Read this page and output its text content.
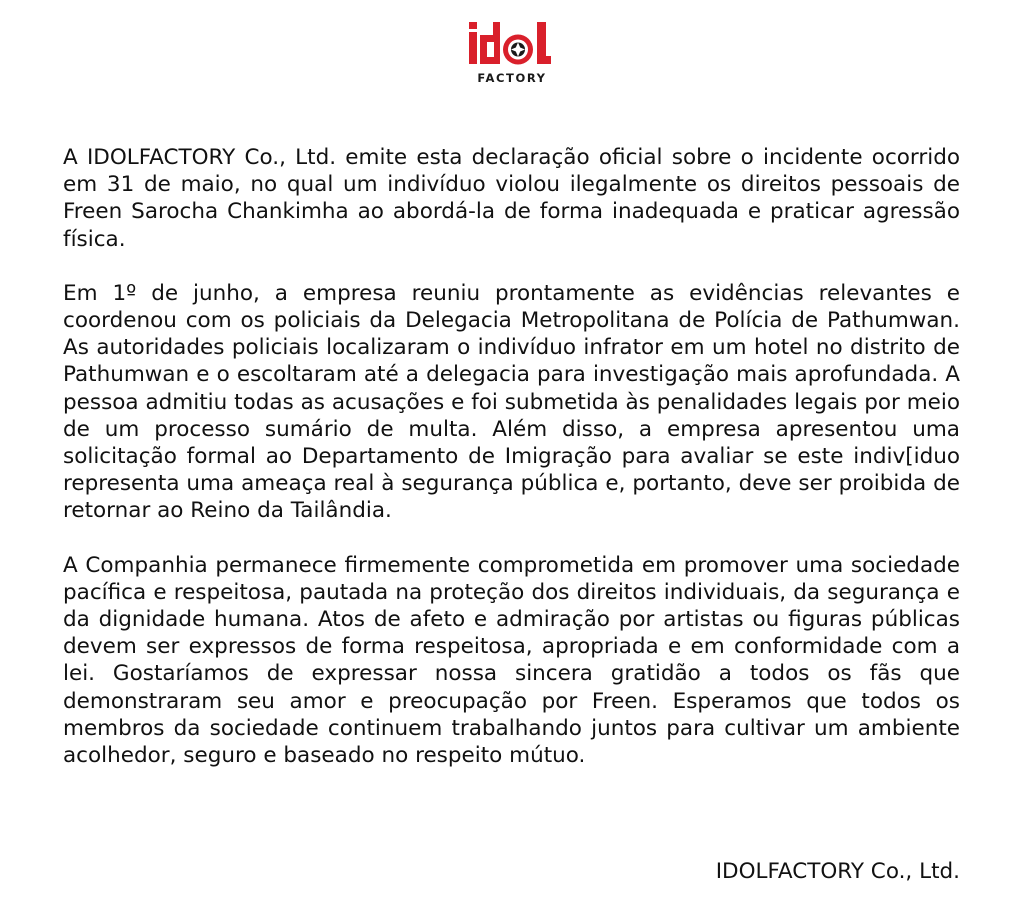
FACTORY

A IDOLFACTORY Co., Ltd. emite esta declaração oficial sobre o incidente ocorrido em 31 de maio, no qual um indivíduo violou ilegalmente os direitos pessoais de Freen Sarocha Chankimha ao abordá-la de forma inadequada e praticar agressão física.

Em 1º de junho, a empresa reuniu prontamente as evidências relevantes e coordenou com os policiais da Delegacia Metropolitana de Polícia de Pathumwan. As autoridades policiais localizaram o indivíduo infrator em um hotel no distrito de Pathumwan e o escoltaram até a delegacia para investigação mais aprofundada. A pessoa admitiu todas as acusações e foi submetida às penalidades legais por meio de um processo sumário de multa. Além disso, a empresa apresentou uma solicitação formal ao Departamento de Imigração para avaliar se este indiv[iduo representa uma ameaça real à segurança pública e, portanto, deve ser proibida de retornar ao Reino da Tailândia.

A Companhia permanece firmemente comprometida em promover uma sociedade pacífica e respeitosa, pautada na proteção dos direitos individuais, da segurança e da dignidade humana. Atos de afeto e admiração por artistas ou figuras públicas devem ser expressos de forma respeitosa, apropriada e em conformidade com a lei. Gostaríamos de expressar nossa sincera gratidão a todos os fãs que demonstraram seu amor e preocupação por Freen. Esperamos que todos os membros da sociedade continuem trabalhando juntos para cultivar um ambiente acolhedor, seguro e baseado no respeito mútuo.

IDOLFACTORY Co., Ltd.
